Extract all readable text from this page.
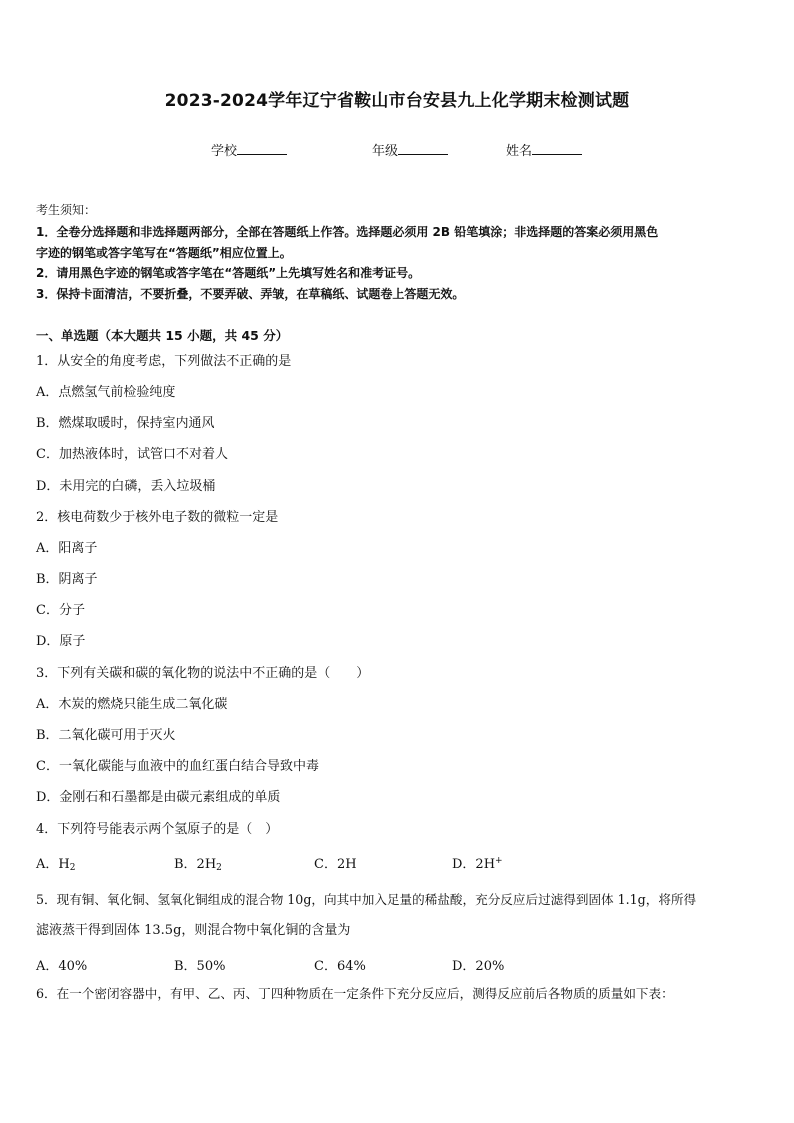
2023-2024学年辽宁省鞍山市台安县九上化学期末检测试题
学校	年级	姓名
考生须知：
1．全卷分选择题和非选择题两部分，全部在答题纸上作答。选择题必须用 2B 铅笔填涂；非选择题的答案必须用黑色
字迹的钢笔或答字笔写在“答题纸”相应位置上。
2．请用黑色字迹的钢笔或答字笔在“答题纸”上先填写姓名和准考证号。
3．保持卡面清洁，不要折叠，不要弄破、弄皱，在草稿纸、试题卷上答题无效。
一、单选题（本大题共 15 小题，共 45 分）
1．从安全的角度考虑，下列做法不正确的是
A．点燃氢气前检验纯度
B．燃煤取暖时，保持室内通风
C．加热液体时，试管口不对着人
D．未用完的白磷，丢入垃圾桶
2．核电荷数少于核外电子数的微粒一定是
A．阳离子
B．阴离子
C．分子
D．原子
3．下列有关碳和碳的氧化物的说法中不正确的是（　　）
A．木炭的燃烧只能生成二氧化碳
B．二氧化碳可用于灭火
C．一氧化碳能与血液中的血红蛋白结合导致中毒
D．金刚石和石墨都是由碳元素组成的单质
4．下列符号能表示两个氢原子的是（　）
A．$H_2$	B．$2H_2$	C．2H	D．2H+
5．现有铜、氧化铜、氢氧化铜组成的混合物 10g，向其中加入足量的稀盐酸，充分反应后过滤得到固体 1.1g，将所得
滤液蒸干得到固体 13.5g，则混合物中氧化铜的含量为
A．40%	B．50%	C．64%	D．20%
6．在一个密闭容器中，有甲、乙、丙、丁四种物质在一定条件下充分反应后，测得反应前后各物质的质量如下表：
